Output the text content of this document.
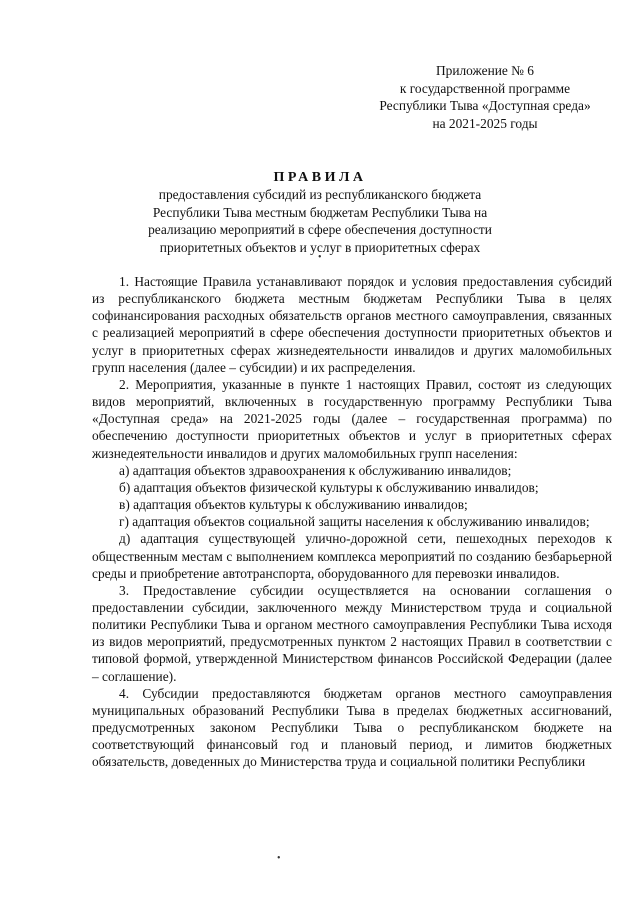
Приложение № 6
к государственной программе
Республики Тыва «Доступная среда»
на 2021-2025 годы
ПРАВИЛА
предоставления субсидий из республиканского бюджета
Республики Тыва местным бюджетам Республики Тыва на
реализацию мероприятий в сфере обеспечения доступности
приоритетных объектов и услуг в приоритетных сферах

1. Настоящие Правила устанавливают порядок и условия предоставления субсидий из республиканского бюджета местным бюджетам Республики Тыва в целях софинансирования расходных обязательств органов местного самоуправления, связанных с реализацией мероприятий в сфере обеспечения доступности приоритетных объектов и услуг в приоритетных сферах жизнедеятельности инвалидов и других маломобильных групп населения (далее – субсидии) и их распределения.

2. Мероприятия, указанные в пункте 1 настоящих Правил, состоят из следующих видов мероприятий, включенных в государственную программу Республики Тыва «Доступная среда» на 2021-2025 годы (далее – государственная программа) по обеспечению доступности приоритетных объектов и услуг в приоритетных сферах жизнедеятельности инвалидов и других маломобильных групп населения:

а) адаптация объектов здравоохранения к обслуживанию инвалидов;

б) адаптация объектов физической культуры к обслуживанию инвалидов;

в) адаптация объектов культуры к обслуживанию инвалидов;

г) адаптация объектов социальной защиты населения к обслуживанию инвалидов;

д) адаптация существующей улично-дорожной сети, пешеходных переходов к общественным местам с выполнением комплекса мероприятий по созданию безбарьерной среды и приобретение автотранспорта, оборудованного для перевозки инвалидов.

3. Предоставление субсидии осуществляется на основании соглашения о предоставлении субсидии, заключенного между Министерством труда и социальной политики Республики Тыва и органом местного самоуправления Республики Тыва исходя из видов мероприятий, предусмотренных пунктом 2 настоящих Правил в соответствии с типовой формой, утвержденной Министерством финансов Российской Федерации (далее – соглашение).

4. Субсидии предоставляются бюджетам органов местного самоуправления муниципальных образований Республики Тыва в пределах бюджетных ассигнований, предусмотренных законом Республики Тыва о республиканском бюджете на соответствующий финансовый год и плановый период, и лимитов бюджетных обязательств, доведенных до Министерства труда и социальной политики Республики

•
•
